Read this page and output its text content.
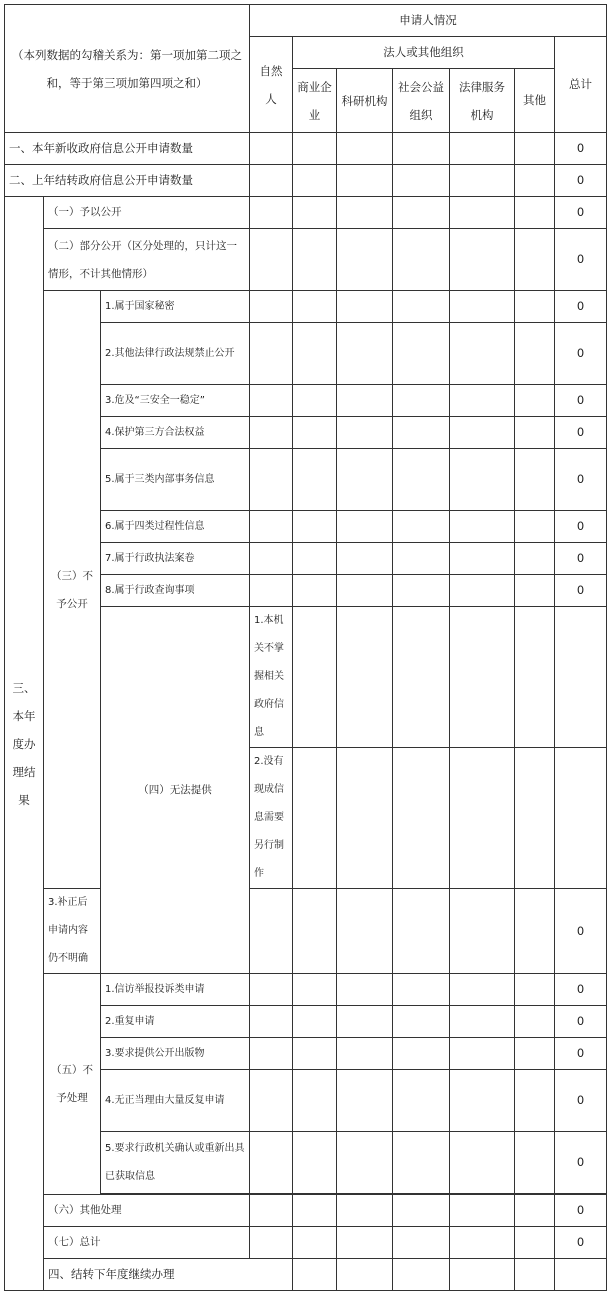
（本列数据的勾稽关系为：第一项加第二项之和，等于第三项加第四项之和）			申请人情况							
			自然人	法人或其他组织					总计	
				商业企业	科研机构	社会公益组织	法律服务机构	其他		
一、本年新收政府信息公开申请数量									0	
二、上年结转政府信息公开申请数量									0	
三、本年度办理结果	（一）予以公开								0	
	（二）部分公开（区分处理的，只计这一情形，不计其他情形）								0	
	（三）不予公开	1.属于国家秘密							0	
		2.其他法律行政法规禁止公开							0	
		3.危及“三安全一稳定”							0	
		4.保护第三方合法权益							0	
		5.属于三类内部事务信息							0	
		6.属于四类过程性信息							0	
		7.属于行政执法案卷							0	
		8.属于行政查询事项							0	
		（四）无法提供	1.本机关不掌握相关政府信息							
			2.没有现成信息需要另行制作							
	3.补正后申请内容仍不明确								0	
	（五）不予处理	1.信访举报投诉类申请							0	
		2.重复申请							0	
		3.要求提供公开出版物							0	
		4.无正当理由大量反复申请							0	
		5.要求行政机关确认或重新出具已获取信息							0	

	（六）其他处理								0	
	（七）总计								0	
	四、结转下年度继续办理							
